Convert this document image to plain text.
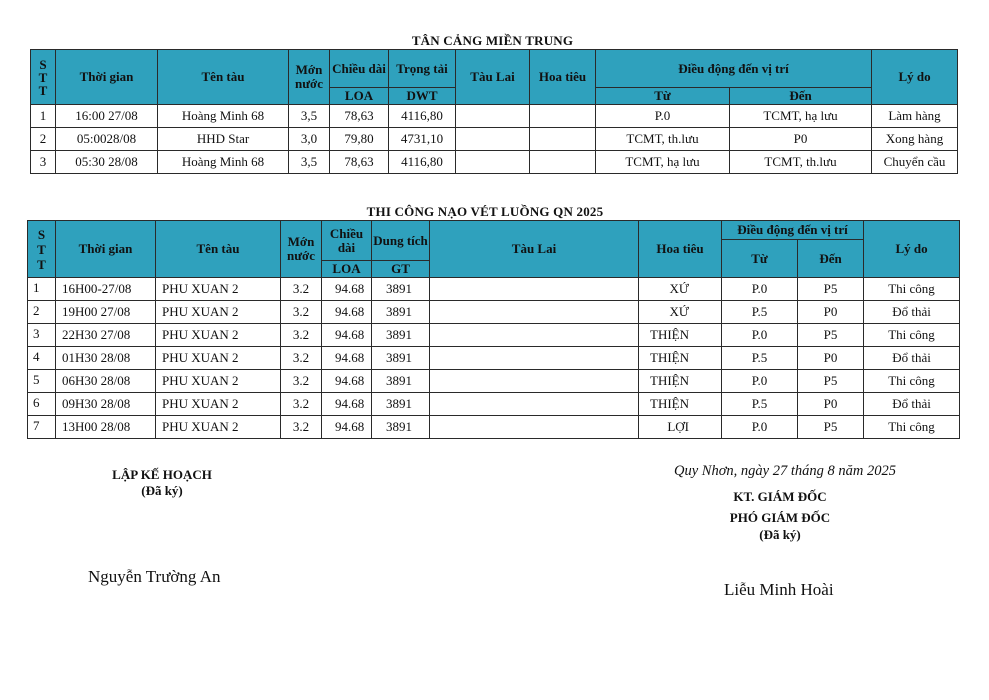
TÂN CẢNG MIỀN TRUNG
S T T	Thời gian	Tên tàu	Mớn nước	Chiều dài	Trọng tải	Tàu Lai	Hoa tiêu	Điều động đến vị trí		Lý do
								Từ	Đến	
				LOA	DWT					
1	16:00 27/08	Hoàng Minh 68	3,5	78,63	4116,80			P.0	TCMT, hạ lưu	Làm hàng
2	05:0028/08	HHD Star	3,0	79,80	4731,10			TCMT, th.lưu	P0	Xong hàng
3	05:30 28/08	Hoàng Minh 68	3,5	78,63	4116,80			TCMT, hạ lưu	TCMT, th.lưu	Chuyển cầu
THI CÔNG NẠO VÉT LUỒNG QN 2025
S T T	Thời gian	Tên tàu	Mớn nước	Chiều dài	Dung tích	Tàu Lai	Hoa tiêu	Điều động đến vị trí		Lý do
								Từ	Đến	
				LOA	GT					
1	16H00-27/08	PHU XUAN 2	3.2	94.68	3891		XỨ	P.0	P5	Thi công
2	19H00 27/08	PHU XUAN 2	3.2	94.68	3891		XỨ	P.5	P0	Đổ thải
3	22H30 27/08	PHU XUAN 2	3.2	94.68	3891		THIỆN	P.0	P5	Thi công
4	01H30 28/08	PHU XUAN 2	3.2	94.68	3891		THIỆN	P.5	P0	Đổ thải
5	06H30 28/08	PHU XUAN 2	3.2	94.68	3891		THIỆN	P.0	P5	Thi công
6	09H30 28/08	PHU XUAN 2	3.2	94.68	3891		THIỆN	P.5	P0	Đổ thải
7	13H00 28/08	PHU XUAN 2	3.2	94.68	3891		LỢI	P.0	P5	Thi công
LẬP KẾ HOẠCH
(Đã ký)
Nguyễn Trường An
Quy Nhơn, ngày 27 tháng 8 năm 2025
KT. GIÁM ĐỐC
PHÓ GIÁM ĐỐC
(Đã ký)
Liễu Minh Hoài
